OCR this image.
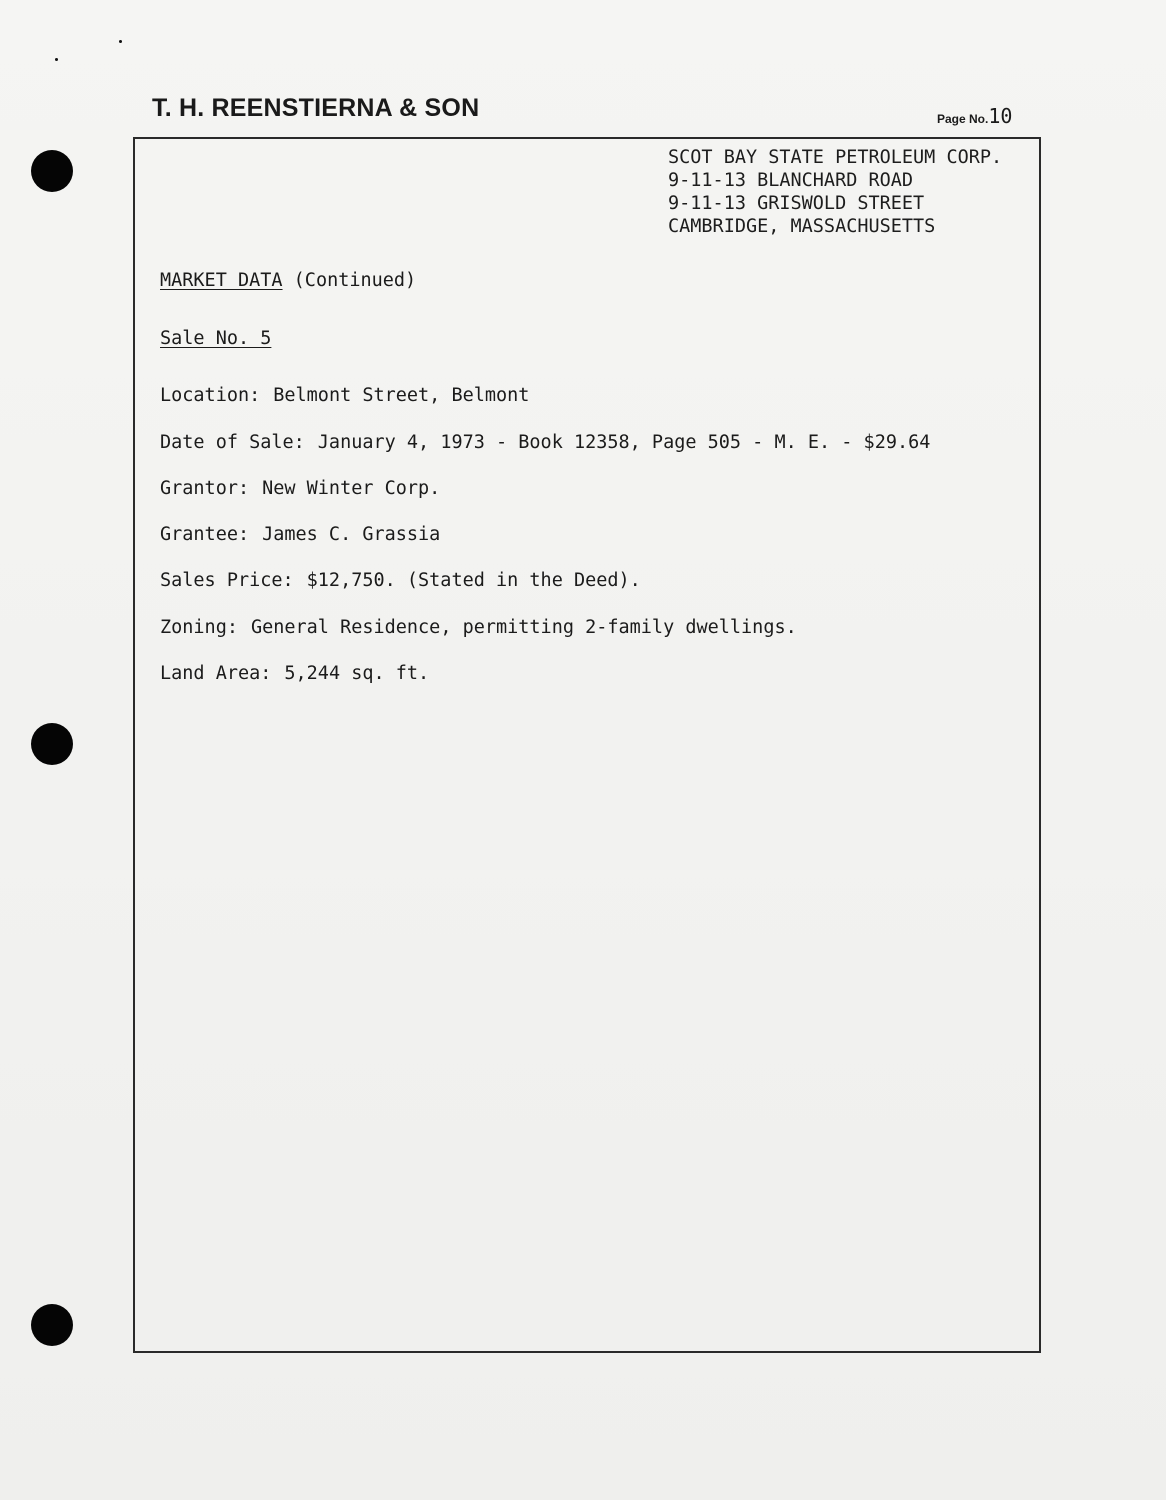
T. H. REENSTIERNA & SON	Page No.10
SCOT BAY STATE PETROLEUM CORP.
9-11-13 BLANCHARD ROAD
9-11-13 GRISWOLD STREET
CAMBRIDGE, MASSACHUSETTS
MARKET DATA (Continued)
Sale No. 5
Location: Belmont Street, Belmont
Date of Sale: January 4, 1973 - Book 12358, Page 505 - M. E. - $29.64
Grantor: New Winter Corp.
Grantee: James C. Grassia
Sales Price: $12,750. (Stated in the Deed).
Zoning: General Residence, permitting 2-family dwellings.
Land Area: 5,244 sq. ft.
